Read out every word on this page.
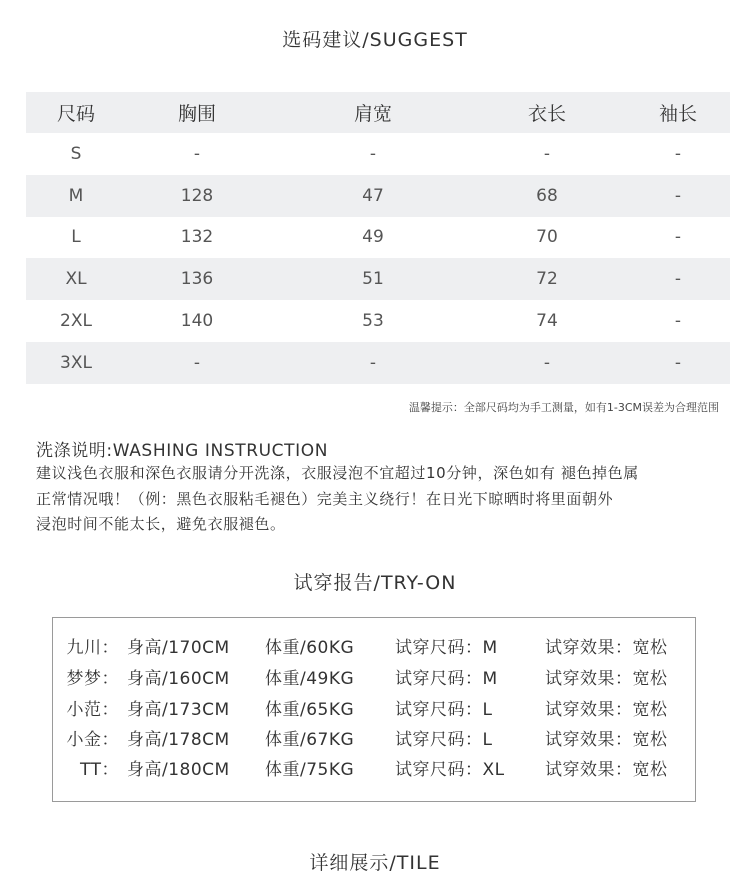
选码建议/SUGGEST
尺码	胸围	肩宽	衣长	袖长
S	-	-	-	-
M	128	47	68	-
L	132	49	70	-
XL	136	51	72	-
2XL	140	53	74	-
3XL	-	-	-	-
温馨提示：全部尺码均为手工测量，如有1-3CM误差为合理范围
洗涤说明:WASHING INSTRUCTION
建议浅色衣服和深色衣服请分开洗涤，衣服浸泡不宜超过10分钟，深色如有 褪色掉色属
正常情况哦！（例：黑色衣服粘毛褪色）完美主义绕行！在日光下晾晒时将里面朝外
浸泡时间不能太长，避免衣服褪色。
试穿报告/TRY-ON
九川： 身高/170CM 体重/60KG 试穿尺码：M	试穿效果：宽松
梦梦： 身高/160CM 体重/49KG 试穿尺码：M	试穿效果：宽松
小范： 身高/173CM 体重/65KG 试穿尺码：L	试穿效果：宽松
小金： 身高/178CM 体重/67KG 试穿尺码：L	试穿效果：宽松
TT： 身高/180CM 体重/75KG 试穿尺码：XL 试穿效果：宽松
详细展示/TILE
